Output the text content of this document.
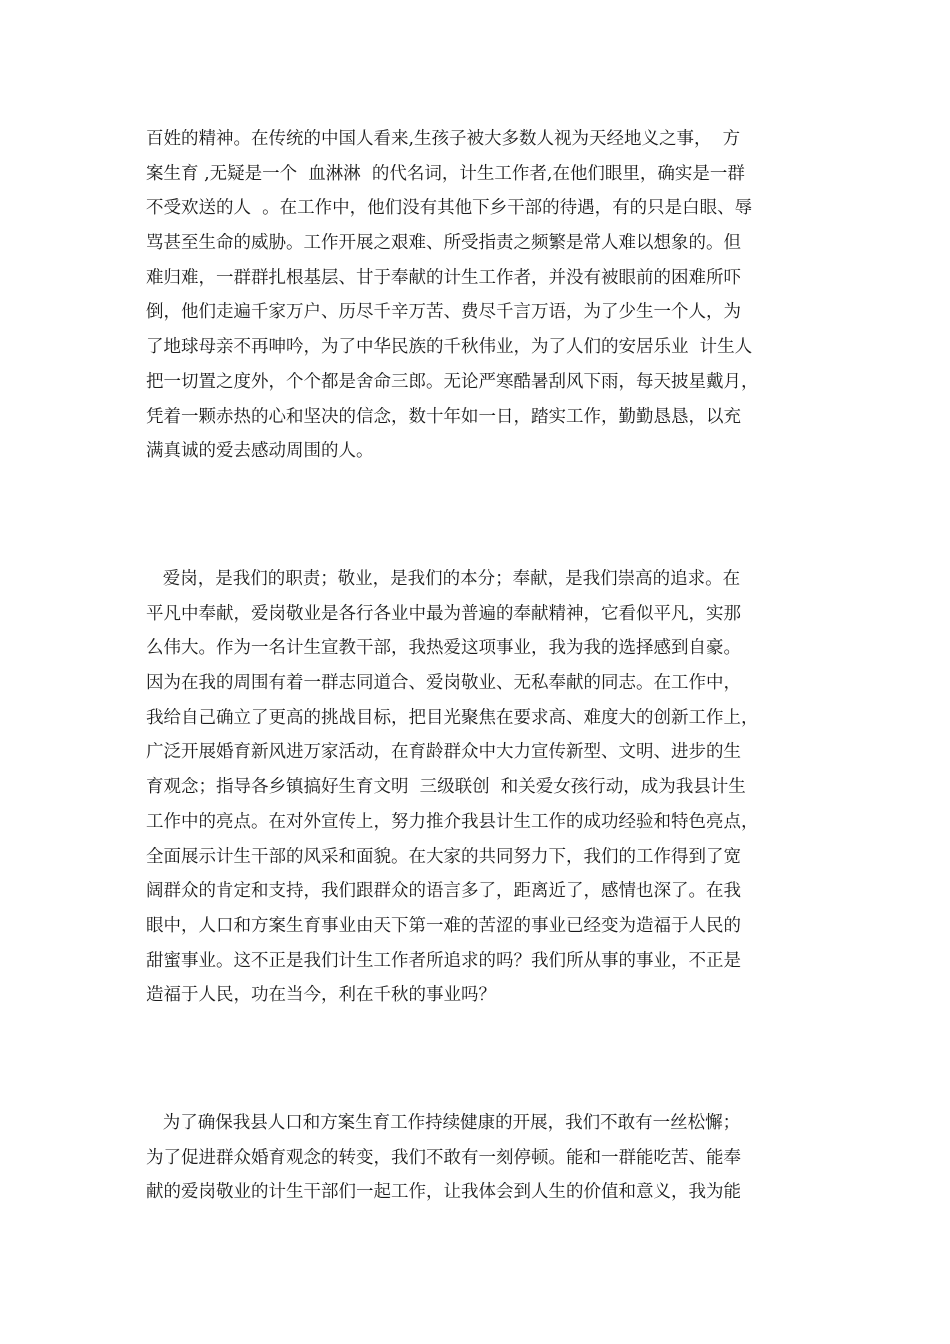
百姓的精神。在传统的中国人看来,生孩子被大多数人视为天经地义之事，  方
案生育 ,无疑是一个  血淋淋  的代名词，计生工作者,在他们眼里，确实是一群
不受欢送的人  。在工作中，他们没有其他下乡干部的待遇，有的只是白眼、辱
骂甚至生命的威胁。工作开展之艰难、所受指责之频繁是常人难以想象的。但
难归难，一群群扎根基层、甘于奉献的计生工作者，并没有被眼前的困难所吓
倒，他们走遍千家万户、历尽千辛万苦、费尽千言万语，为了少生一个人，为
了地球母亲不再呻吟，为了中华民族的千秋伟业，为了人们的安居乐业  计生人
把一切置之度外，个个都是舍命三郎。无论严寒酷暑刮风下雨，每天披星戴月，
凭着一颗赤热的心和坚决的信念，数十年如一日，踏实工作，勤勤恳恳，以充
满真诚的爱去感动周围的人。
爱岗，是我们的职责；敬业，是我们的本分；奉献，是我们崇高的追求。在
平凡中奉献，爱岗敬业是各行各业中最为普遍的奉献精神，它看似平凡，实那
么伟大。作为一名计生宣教干部，我热爱这项事业，我为我的选择感到自豪。
因为在我的周围有着一群志同道合、爱岗敬业、无私奉献的同志。在工作中，
我给自己确立了更高的挑战目标，把目光聚焦在要求高、难度大的创新工作上，
广泛开展婚育新风进万家活动，在育龄群众中大力宣传新型、文明、进步的生
育观念；指导各乡镇搞好生育文明  三级联创  和关爱女孩行动，成为我县计生
工作中的亮点。在对外宣传上，努力推介我县计生工作的成功经验和特色亮点，
全面展示计生干部的风采和面貌。在大家的共同努力下，我们的工作得到了宽
阔群众的肯定和支持，我们跟群众的语言多了，距离近了，感情也深了。在我
眼中，人口和方案生育事业由天下第一难的苦涩的事业已经变为造福于人民的
甜蜜事业。这不正是我们计生工作者所追求的吗？我们所从事的事业，不正是
造福于人民，功在当今，利在千秋的事业吗？
为了确保我县人口和方案生育工作持续健康的开展，我们不敢有一丝松懈；
为了促进群众婚育观念的转变，我们不敢有一刻停顿。能和一群能吃苦、能奉
献的爱岗敬业的计生干部们一起工作，让我体会到人生的价值和意义，我为能
